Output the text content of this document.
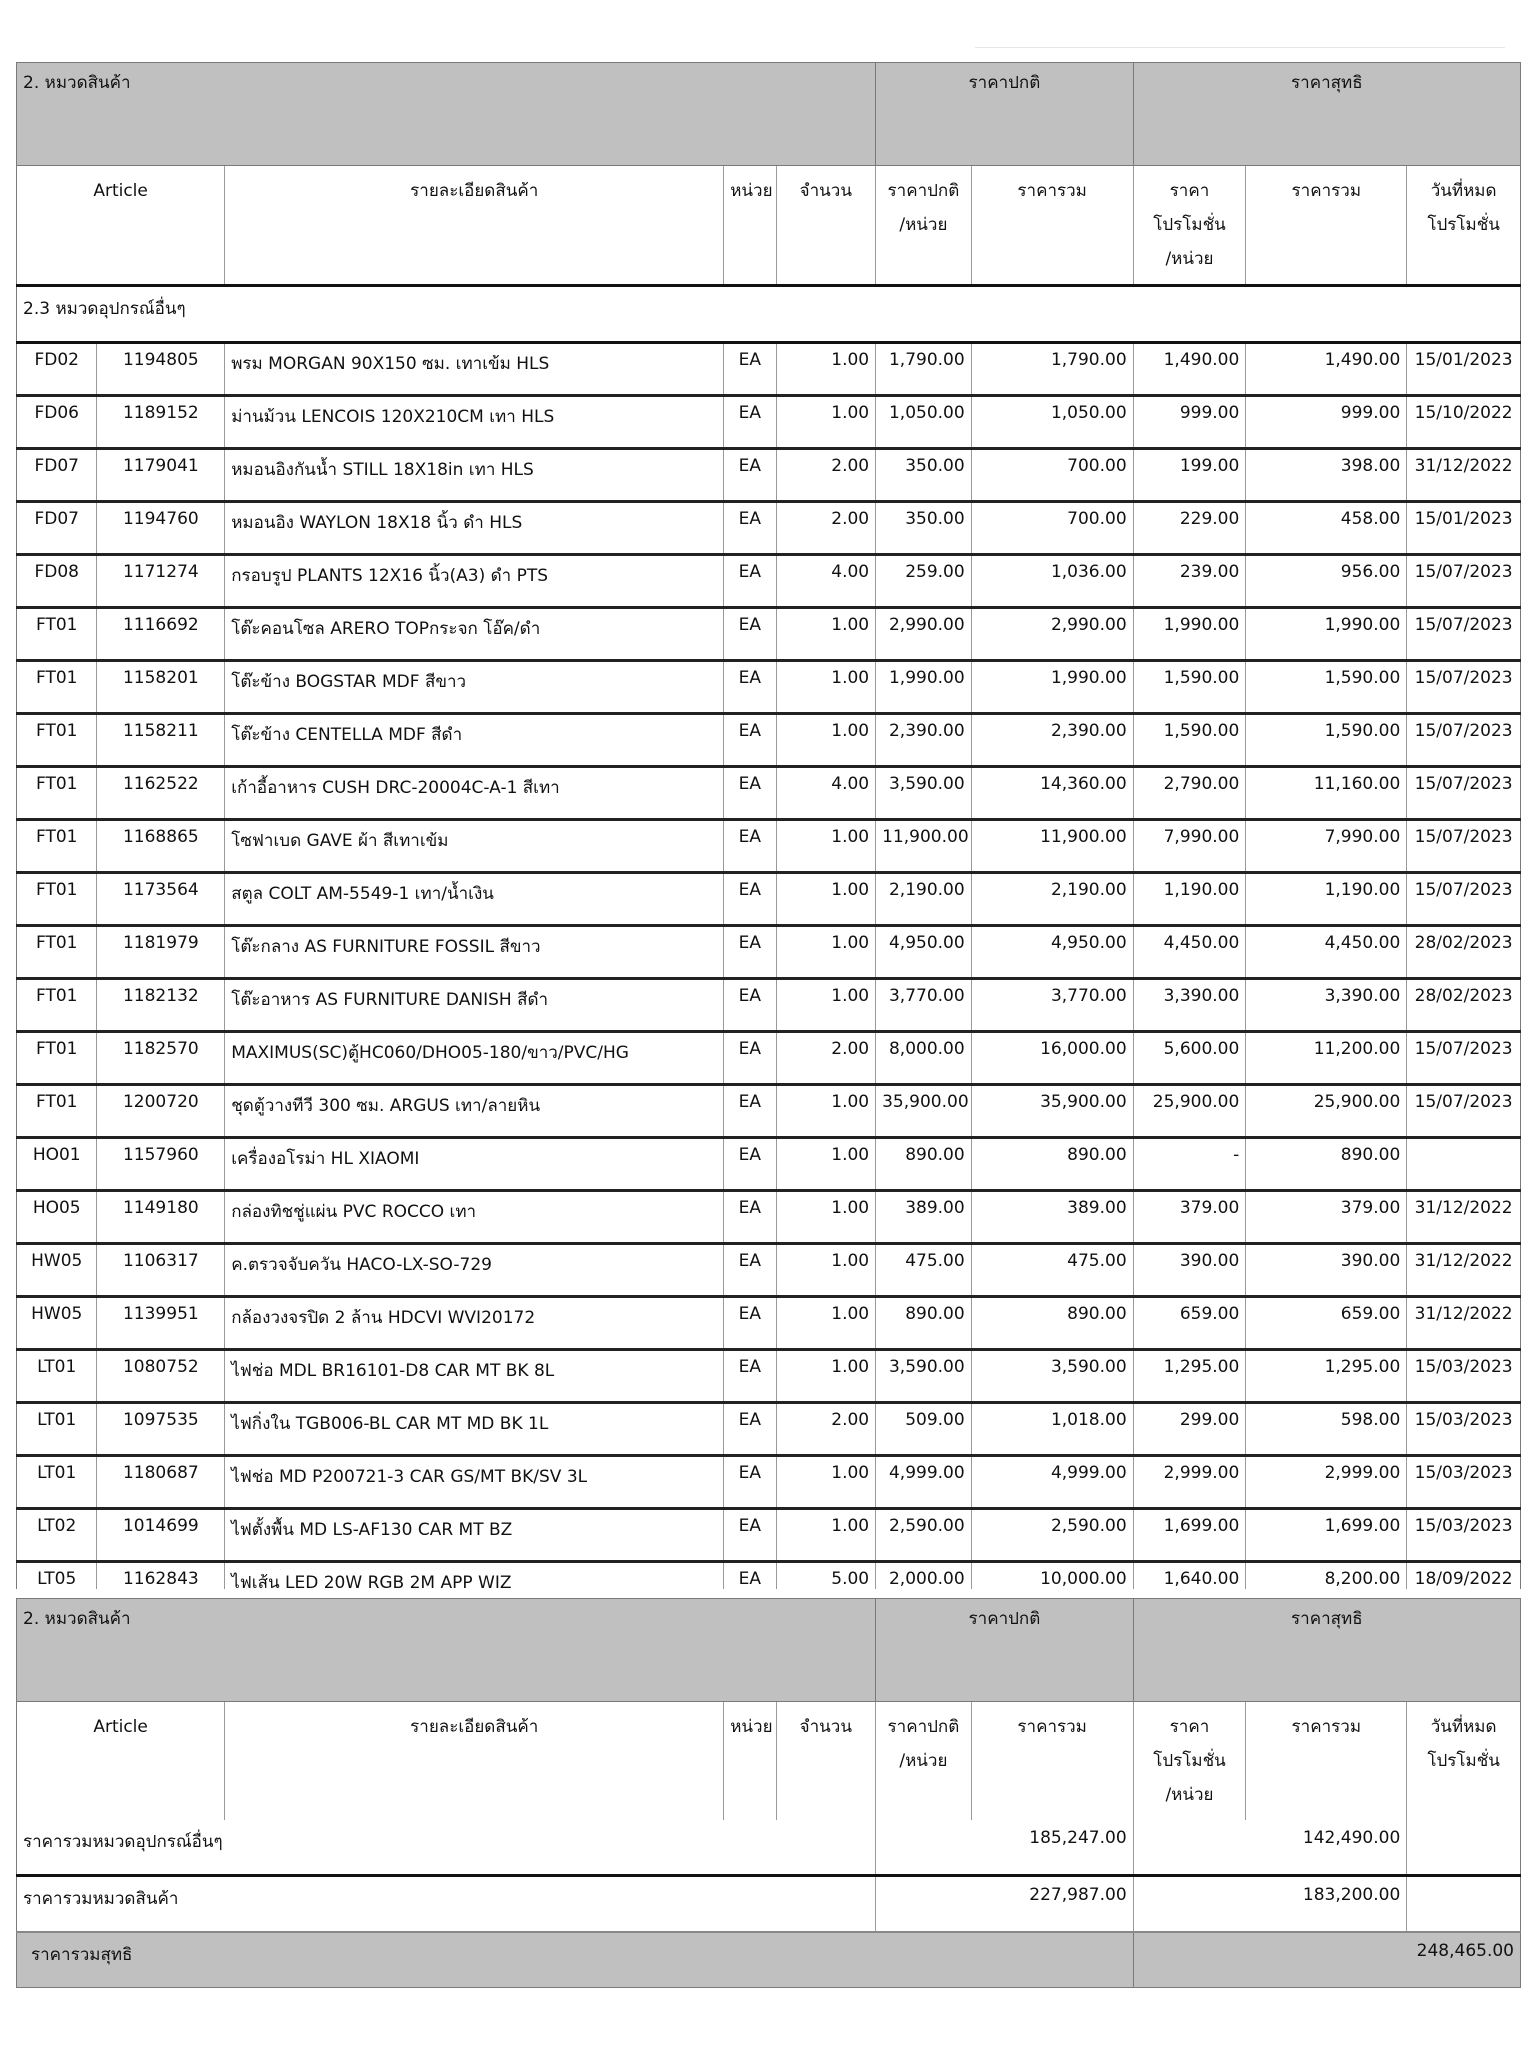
2. หมวดสินค้า					ราคาปกติ		ราคาสุทธิ		
Article		รายละเอียดสินค้า	หน่วย	จำนวน	ราคาปกติ
/หน่วย	ราคารวม	ราคา
โปรโมชั่น
/หน่วย	ราคารวม	วันที่หมด
โปรโมชั่น
2.3 หมวดอุปกรณ์อื่นๆ									
FD02	1194805	พรม MORGAN 90X150 ซม. เทาเข้ม HLS	EA	1.00	1,790.00	1,790.00	1,490.00	1,490.00	15/01/2023
FD06	1189152	ม่านม้วน LENCOIS 120X210CM เทา HLS	EA	1.00	1,050.00	1,050.00	999.00	999.00	15/10/2022
FD07	1179041	หมอนอิงกันน้ำ STILL 18X18in เทา HLS	EA	2.00	350.00	700.00	199.00	398.00	31/12/2022
FD07	1194760	หมอนอิง WAYLON 18X18 นิ้ว ดำ HLS	EA	2.00	350.00	700.00	229.00	458.00	15/01/2023
FD08	1171274	กรอบรูป PLANTS 12X16 นิ้ว(A3) ดำ PTS	EA	4.00	259.00	1,036.00	239.00	956.00	15/07/2023
FT01	1116692	โต๊ะคอนโซล ARERO TOPกระจก โอ๊ค/ดำ	EA	1.00	2,990.00	2,990.00	1,990.00	1,990.00	15/07/2023
FT01	1158201	โต๊ะข้าง BOGSTAR MDF สีขาว	EA	1.00	1,990.00	1,990.00	1,590.00	1,590.00	15/07/2023
FT01	1158211	โต๊ะข้าง CENTELLA MDF สีดำ	EA	1.00	2,390.00	2,390.00	1,590.00	1,590.00	15/07/2023
FT01	1162522	เก้าอี้อาหาร CUSH DRC-20004C-A-1 สีเทา	EA	4.00	3,590.00	14,360.00	2,790.00	11,160.00	15/07/2023
FT01	1168865	โซฟาเบด GAVE ผ้า สีเทาเข้ม	EA	1.00	11,900.00	11,900.00	7,990.00	7,990.00	15/07/2023
FT01	1173564	สตูล COLT AM-5549-1 เทา/น้ำเงิน	EA	1.00	2,190.00	2,190.00	1,190.00	1,190.00	15/07/2023
FT01	1181979	โต๊ะกลาง AS FURNITURE FOSSIL สีขาว	EA	1.00	4,950.00	4,950.00	4,450.00	4,450.00	28/02/2023
FT01	1182132	โต๊ะอาหาร AS FURNITURE DANISH สีดำ	EA	1.00	3,770.00	3,770.00	3,390.00	3,390.00	28/02/2023
FT01	1182570	MAXIMUS(SC)ตู้HC060/DHO05-180/ขาว/PVC/HG	EA	2.00	8,000.00	16,000.00	5,600.00	11,200.00	15/07/2023
FT01	1200720	ชุดตู้วางทีวี 300 ซม. ARGUS เทา/ลายหิน	EA	1.00	35,900.00	35,900.00	25,900.00	25,900.00	15/07/2023
HO01	1157960	เครื่องอโรม่า HL XIAOMI	EA	1.00	890.00	890.00	-	890.00	
HO05	1149180	กล่องทิชชู่แผ่น PVC ROCCO เทา	EA	1.00	389.00	389.00	379.00	379.00	31/12/2022
HW05	1106317	ค.ตรวจจับควัน HACO-LX-SO-729	EA	1.00	475.00	475.00	390.00	390.00	31/12/2022
HW05	1139951	กล้องวงจรปิด 2 ล้าน HDCVI WVI20172	EA	1.00	890.00	890.00	659.00	659.00	31/12/2022
LT01	1080752	ไฟช่อ MDL BR16101-D8 CAR MT BK 8L	EA	1.00	3,590.00	3,590.00	1,295.00	1,295.00	15/03/2023
LT01	1097535	ไฟกิ่งใน TGB006-BL CAR MT MD BK 1L	EA	2.00	509.00	1,018.00	299.00	598.00	15/03/2023
LT01	1180687	ไฟช่อ MD P200721-3 CAR GS/MT BK/SV 3L	EA	1.00	4,999.00	4,999.00	2,999.00	2,999.00	15/03/2023
LT02	1014699	ไฟตั้งพื้น MD LS-AF130 CAR MT BZ	EA	1.00	2,590.00	2,590.00	1,699.00	1,699.00	15/03/2023
LT05	1162843	ไฟเส้น LED 20W RGB 2M APP WIZ	EA	5.00	2,000.00	10,000.00	1,640.00	8,200.00	18/09/2022

2. หมวดสินค้า				ราคาปกติ		ราคาสุทธิ		
Article	รายละเอียดสินค้า	หน่วย	จำนวน	ราคาปกติ
/หน่วย	ราคารวม	ราคา
โปรโมชั่น
/หน่วย	ราคารวม	วันที่หมด
โปรโมชั่น
ราคารวมหมวดอุปกรณ์อื่นๆ				185,247.00		142,490.00		
ราคารวมหมวดสินค้า				227,987.00		183,200.00		
ราคารวมสุทธิ						248,465.00		
